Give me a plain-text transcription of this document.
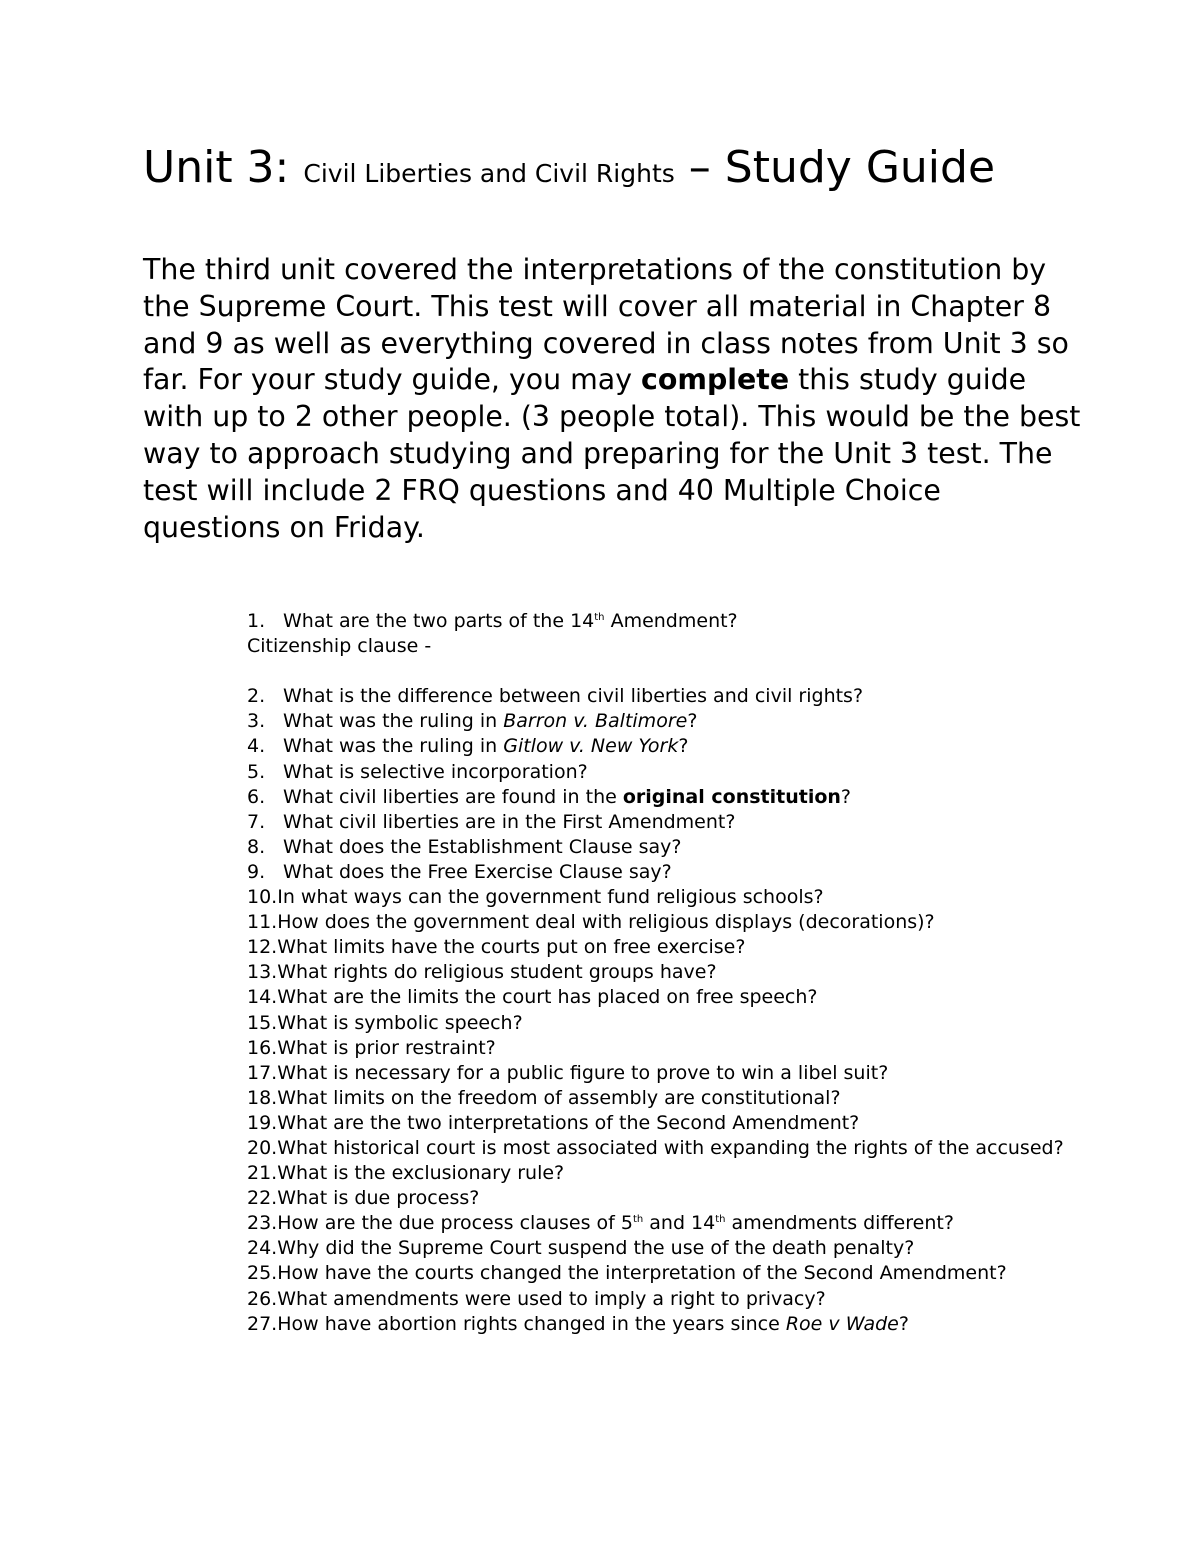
Unit 3: Civil Liberties and Civil Rights – Study Guide

The third unit covered the interpretations of the constitution by the Supreme Court. This test will cover all material in Chapter 8 and 9 as well as everything covered in class notes from Unit 3 so far. For your study guide, you may complete this study guide with up to 2 other people. (3 people total). This would be the best way to approach studying and preparing for the Unit 3 test. The test will include 2 FRQ questions and 40 Multiple Choice questions on Friday.

1. What are the two parts of the 14th Amendment?
Citizenship clause -
2. What is the difference between civil liberties and civil rights?
3. What was the ruling in Barron v. Baltimore?
4. What was the ruling in Gitlow v. New York?
5. What is selective incorporation?
6. What civil liberties are found in the original constitution?
7. What civil liberties are in the First Amendment?
8. What does the Establishment Clause say?
9. What does the Free Exercise Clause say?
10.In what ways can the government fund religious schools?
11.How does the government deal with religious displays (decorations)?
12.What limits have the courts put on free exercise?
13.What rights do religious student groups have?
14.What are the limits the court has placed on free speech?
15.What is symbolic speech?
16.What is prior restraint?
17.What is necessary for a public figure to prove to win a libel suit?
18.What limits on the freedom of assembly are constitutional?
19.What are the two interpretations of the Second Amendment?
20.What historical court is most associated with expanding the rights of the accused?
21.What is the exclusionary rule?
22.What is due process?
23.How are the due process clauses of 5th and 14th amendments different?
24.Why did the Supreme Court suspend the use of the death penalty?
25.How have the courts changed the interpretation of the Second Amendment?
26.What amendments were used to imply a right to privacy?
27.How have abortion rights changed in the years since Roe v Wade?
